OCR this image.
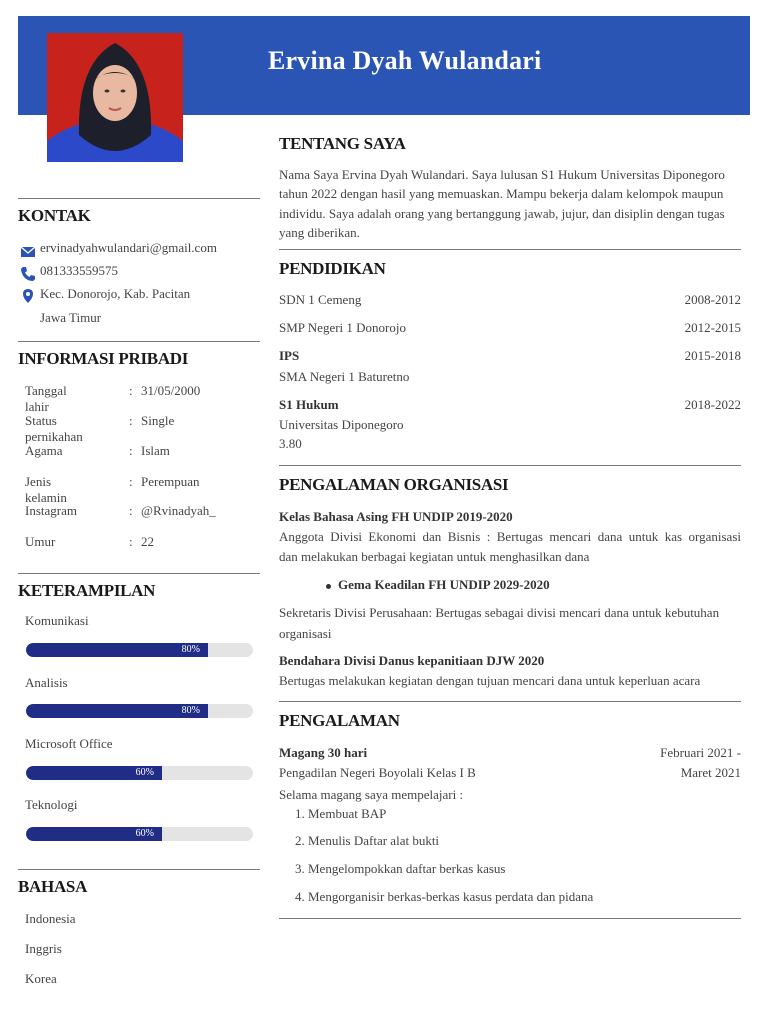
Ervina Dyah Wulandari
KONTAK
ervinadyahwulandari@gmail.com
081333559575
Kec. Donorojo, Kab. Pacitan
Jawa Timur
INFORMASI PRIBADI
Tanggal lahir
: 31/05/2000
Status pernikahan
: Single
Agama	: Islam
Jenis kelamin
: Perempuan
Instagram	: @Rvinadyah_
Umur	: 22
KETERAMPILAN
Komunikasi
80%
Analisis
80%
Microsoft Office
60%
Teknologi
60%
BAHASA
Indonesia
Inggris
Korea
TENTANG SAYA
Nama Saya Ervina Dyah Wulandari. Saya lulusan S1 Hukum Universitas Diponegoro
tahun 2022 dengan hasil yang memuaskan. Mampu bekerja dalam kelompok maupun
individu. Saya adalah orang yang bertanggung jawab, jujur, dan disiplin dengan tugas
yang diberikan.
PENDIDIKAN
SDN 1 Cemeng	2008-2012
SMP Negeri 1 Donorojo	2012-2015
IPS	2015-2018
SMA Negeri 1 Baturetno
S1 Hukum	2018-2022
Universitas Diponegoro
3.80
PENGALAMAN ORGANISASI
Kelas Bahasa Asing FH UNDIP 2019-2020
Anggota Divisi Ekonomi dan Bisnis : Bertugas mencari dana untuk kas organisasi
dan melakukan berbagai kegiatan untuk menghasilkan dana
Gema Keadilan FH UNDIP 2029-2020
Sekretaris Divisi Perusahaan: Bertugas sebagai divisi mencari dana untuk kebutuhan
organisasi
Bendahara Divisi Danus kepanitiaan DJW 2020
Bertugas melakukan kegiatan dengan tujuan mencari dana untuk keperluan acara
PENGALAMAN
Magang 30 hari	Februari 2021 -
Pengadilan Negeri Boyolali Kelas I B	Maret 2021
Selama magang saya mempelajari :
1. Membuat BAP
2. Menulis Daftar alat bukti
3. Mengelompokkan daftar berkas kasus
4. Mengorganisir berkas-berkas kasus perdata dan pidana
